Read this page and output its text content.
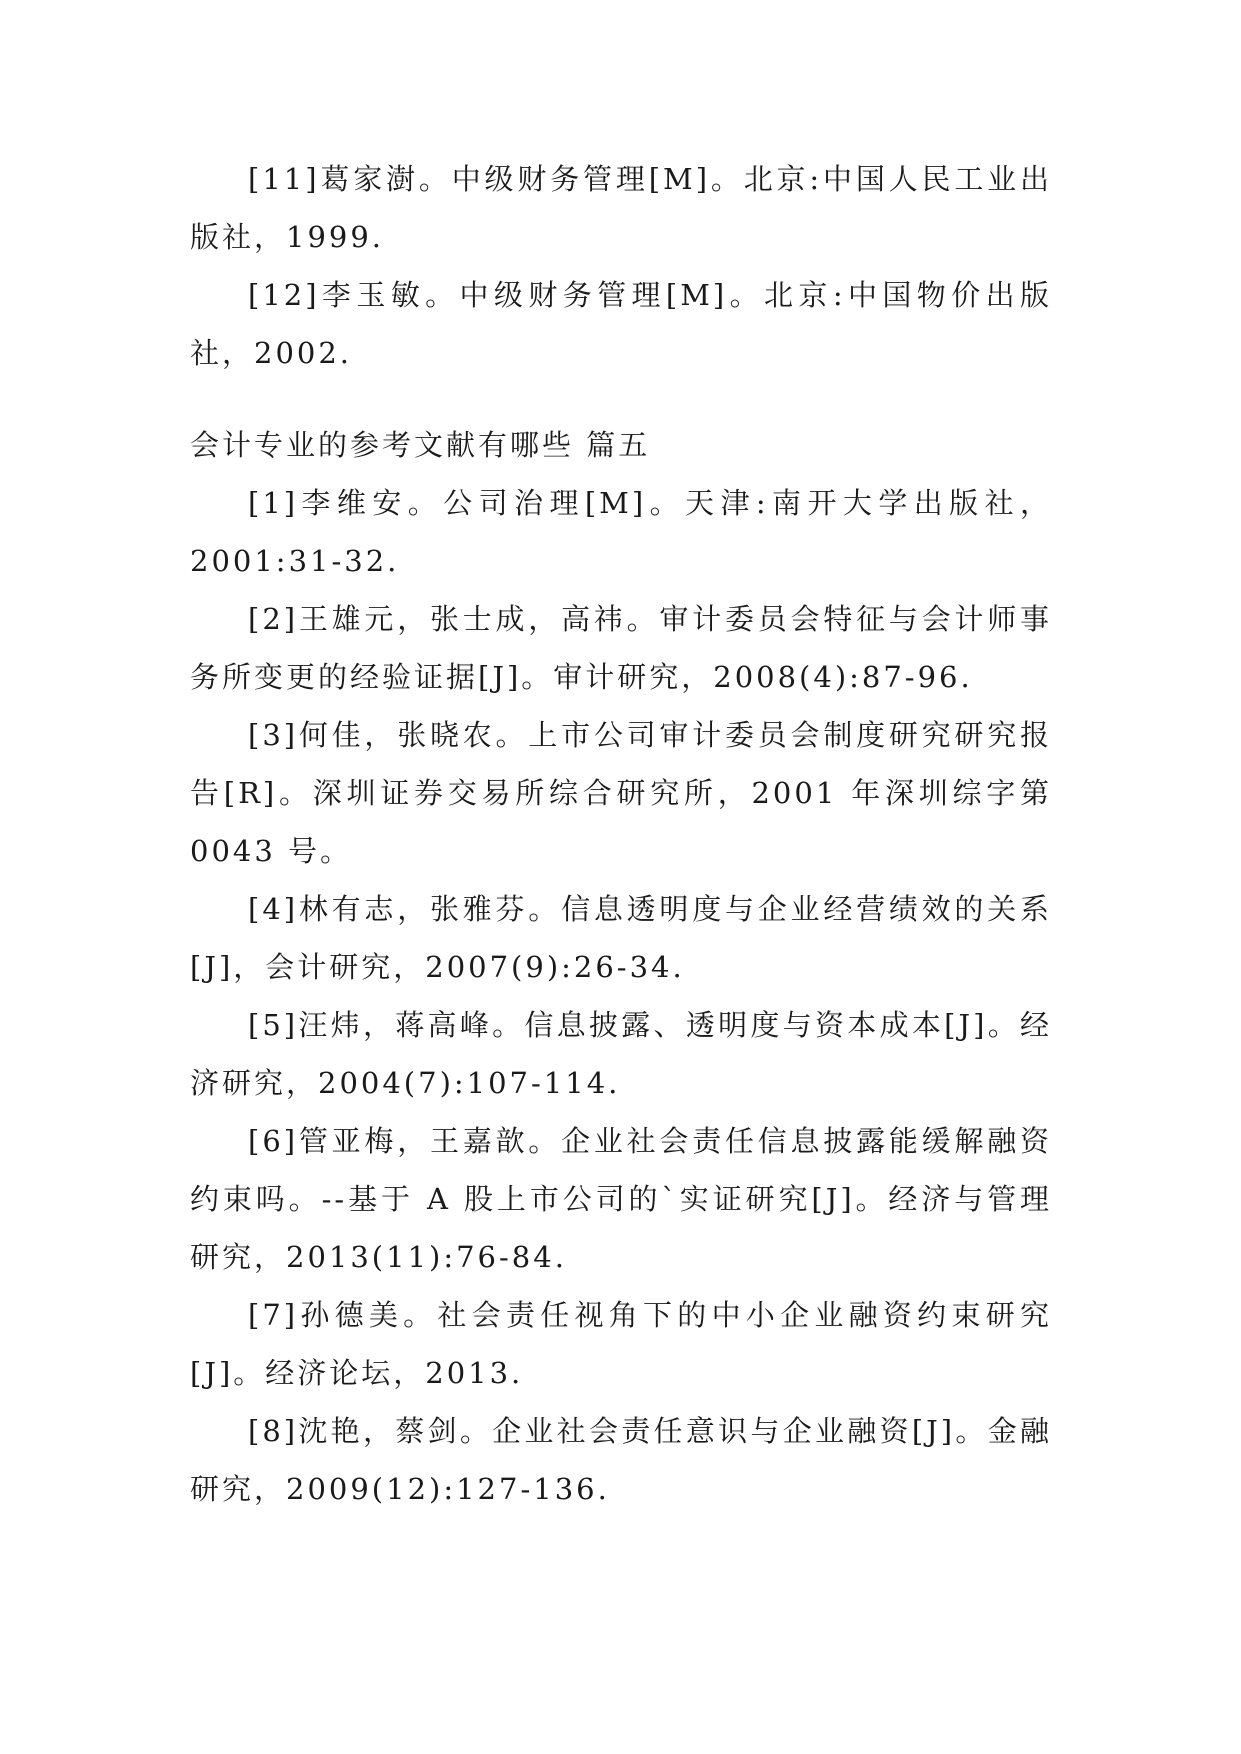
[11]葛家澍。中级财务管理[M]。北京:中国人民工业出版社，1999.

[12]李玉敏。中级财务管理[M]。北京:中国物价出版社，2002.

会计专业的参考文献有哪些 篇五

[1]李维安。公司治理[M]。天津:南开大学出版社，2001:31-32.

[2]王雄元，张士成，高祎。审计委员会特征与会计师事务所变更的经验证据[J]。审计研究，2008(4):87-96.

[3]何佳，张晓农。上市公司审计委员会制度研究研究报告[R]。深圳证券交易所综合研究所，2001 年深圳综字第 0043 号。

[4]林有志，张雅芬。信息透明度与企业经营绩效的关系[J]，会计研究，2007(9):26-34.

[5]汪炜，蒋高峰。信息披露、透明度与资本成本[J]。经济研究，2004(7):107-114.

[6]管亚梅，王嘉歆。企业社会责任信息披露能缓解融资约束吗。--基于 A 股上市公司的`实证研究[J]。经济与管理研究，2013(11):76-84.

[7]孙德美。社会责任视角下的中小企业融资约束研究[J]。经济论坛，2013.

[8]沈艳，蔡剑。企业社会责任意识与企业融资[J]。金融研究，2009(12):127-136.
